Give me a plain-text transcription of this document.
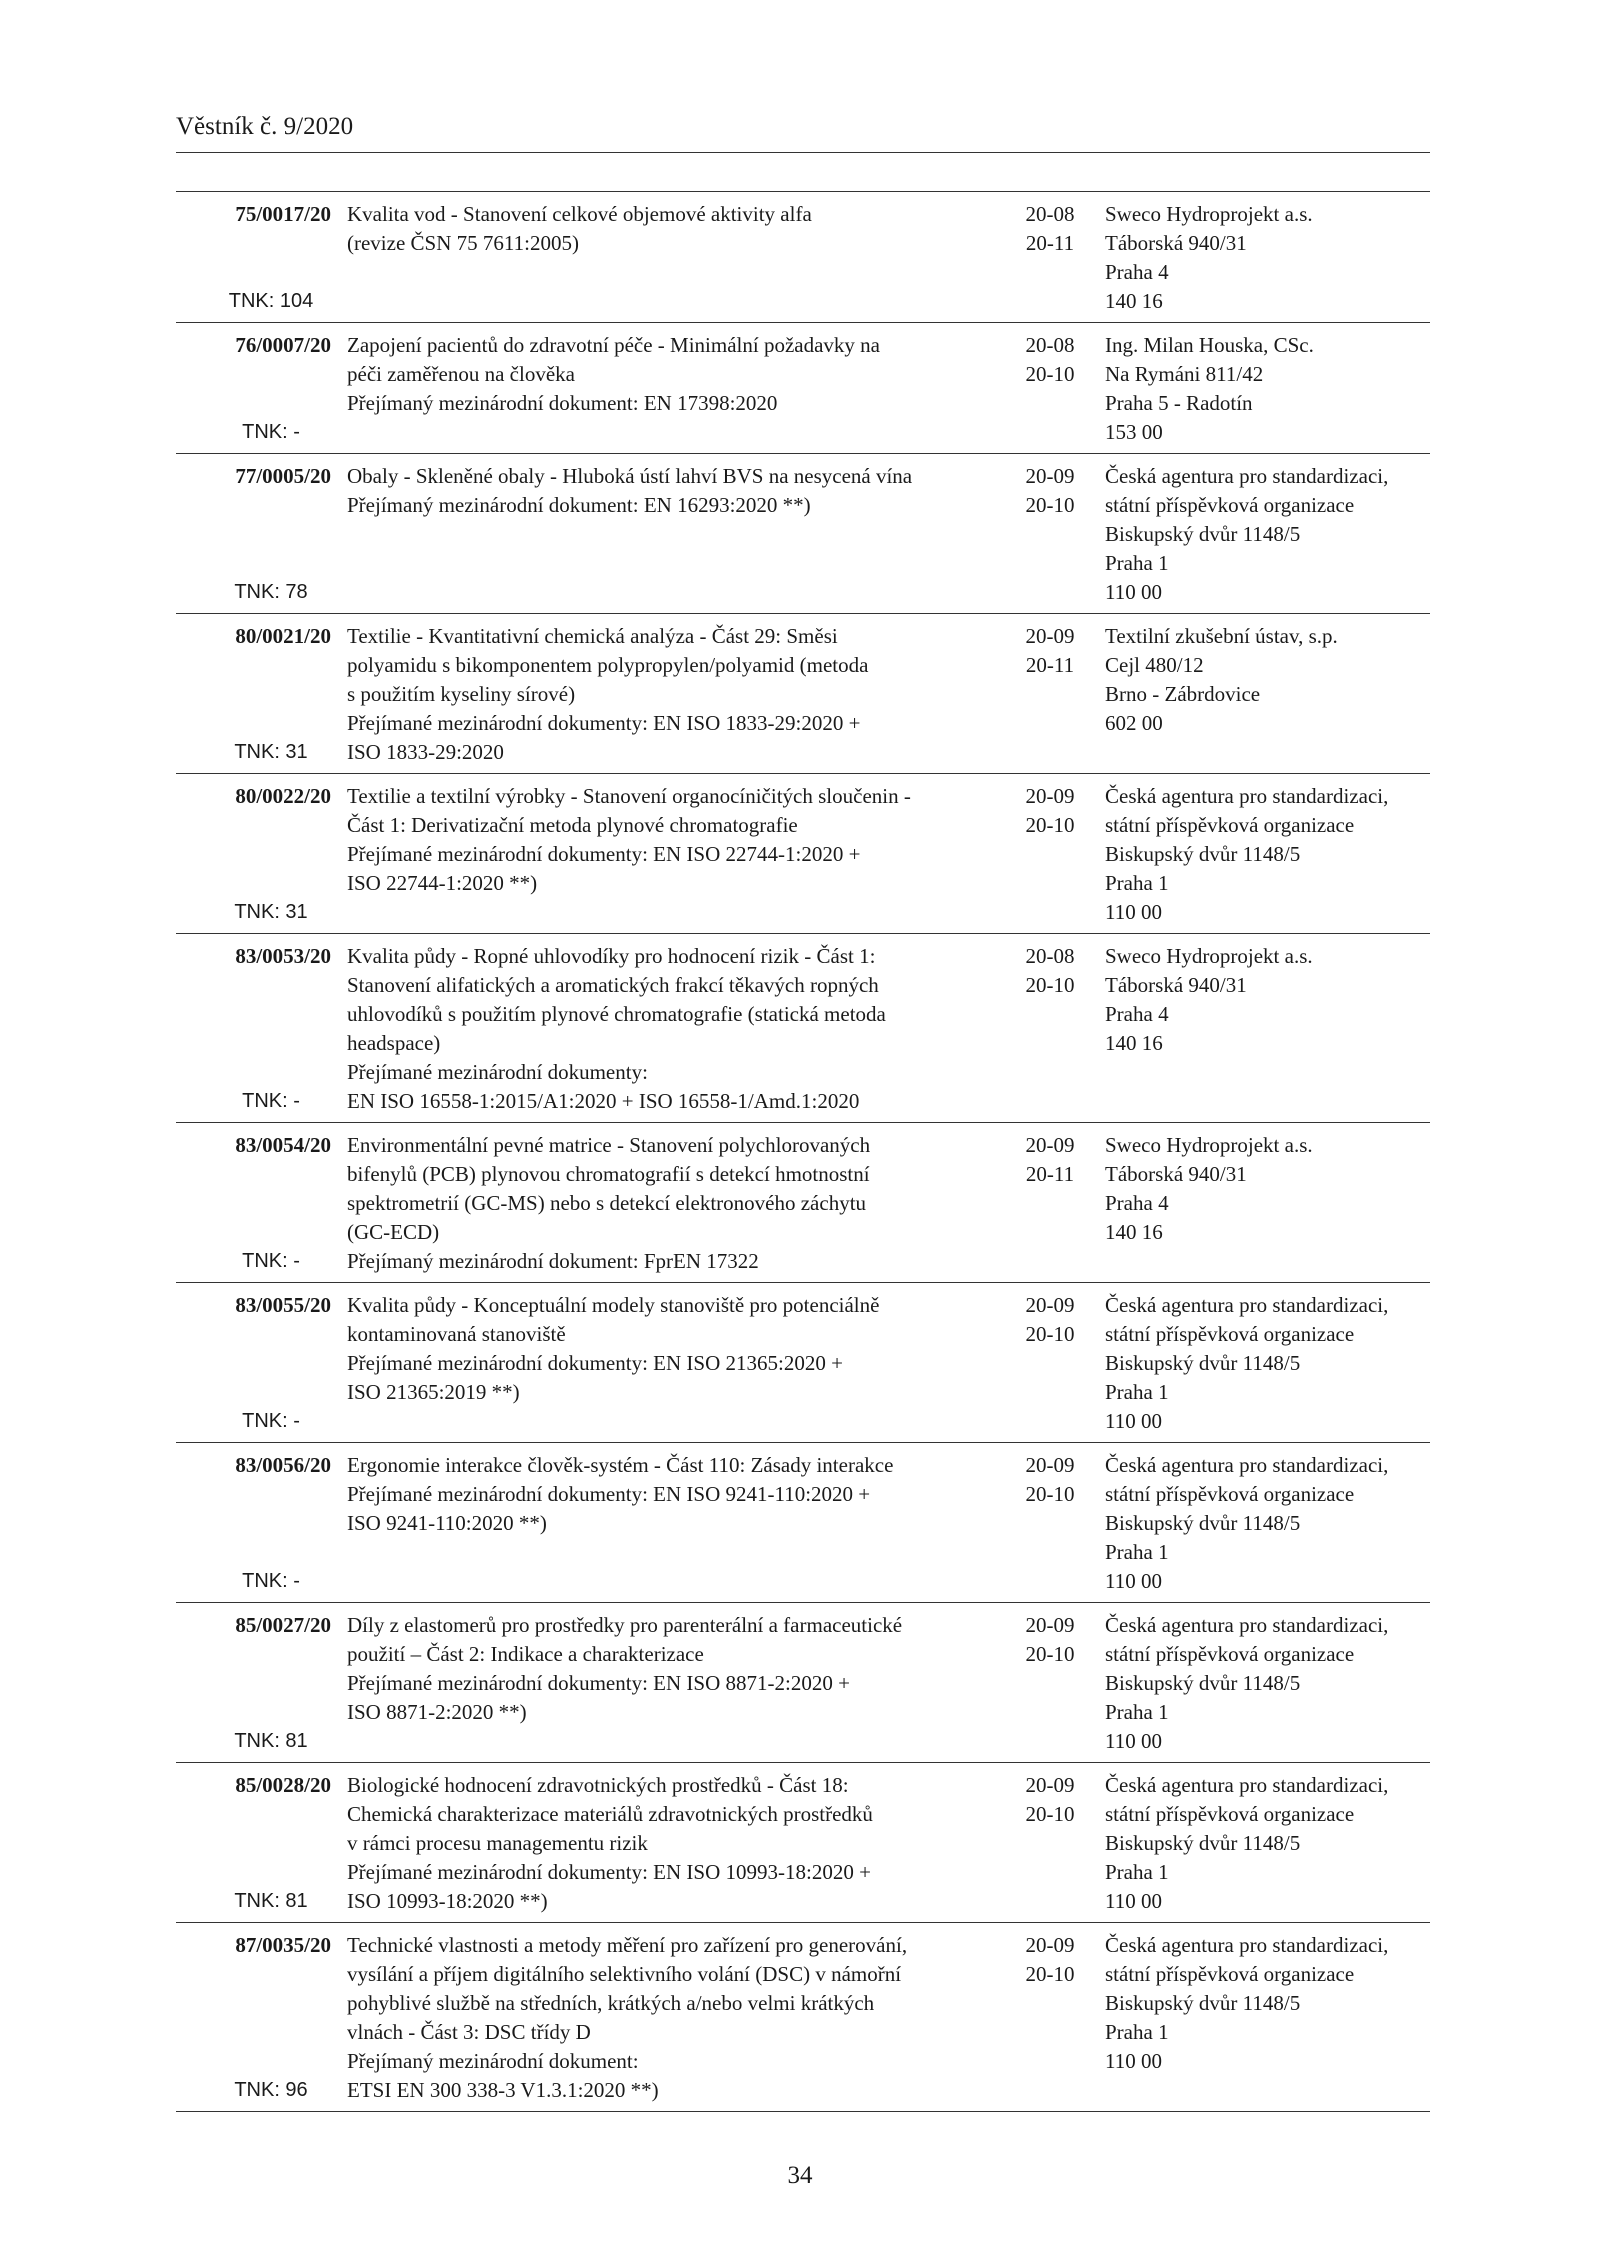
Věstník č. 9/2020
75/0017/20
TNK: 104
Kvalita vod - Stanovení celkové objemové aktivity alfa
(revize ČSN 75 7611:2005)
20-08
20-11
Sweco Hydroprojekt a.s.
Táborská 940/31
Praha 4
140 16
76/0007/20
TNK: -
Zapojení pacientů do zdravotní péče - Minimální požadavky na
péči zaměřenou na člověka
Přejímaný mezinárodní dokument: EN 17398:2020
20-08
20-10
Ing. Milan Houska, CSc.
Na Rymáni 811/42
Praha 5 - Radotín
153 00
77/0005/20
TNK: 78
Obaly - Skleněné obaly - Hluboká ústí lahví BVS na nesycená vína
Přejímaný mezinárodní dokument: EN 16293:2020 **)
20-09
20-10
Česká agentura pro standardizaci,
státní příspěvková organizace
Biskupský dvůr 1148/5
Praha 1
110 00
80/0021/20
TNK: 31
Textilie - Kvantitativní chemická analýza - Část 29: Směsi
polyamidu s bikomponentem polypropylen/polyamid (metoda
s použitím kyseliny sírové)
Přejímané mezinárodní dokumenty: EN ISO 1833-29:2020 +
ISO 1833-29:2020
20-09
20-11
Textilní zkušební ústav, s.p.
Cejl 480/12
Brno - Zábrdovice
602 00
80/0022/20
TNK: 31
Textilie a textilní výrobky - Stanovení organocíničitých sloučenin -
Část 1: Derivatizační metoda plynové chromatografie
Přejímané mezinárodní dokumenty: EN ISO 22744-1:2020 +
ISO 22744-1:2020 **)
20-09
20-10
Česká agentura pro standardizaci,
státní příspěvková organizace
Biskupský dvůr 1148/5
Praha 1
110 00
83/0053/20
TNK: -
Kvalita půdy - Ropné uhlovodíky pro hodnocení rizik - Část 1:
Stanovení alifatických a aromatických frakcí těkavých ropných
uhlovodíků s použitím plynové chromatografie (statická metoda
headspace)
Přejímané mezinárodní dokumenty:
EN ISO 16558-1:2015/A1:2020 + ISO 16558-1/Amd.1:2020
20-08
20-10
Sweco Hydroprojekt a.s.
Táborská 940/31
Praha 4
140 16
83/0054/20
TNK: -
Environmentální pevné matrice - Stanovení polychlorovaných
bifenylů (PCB) plynovou chromatografií s detekcí hmotnostní
spektrometrií (GC-MS) nebo s detekcí elektronového záchytu
(GC-ECD)
Přejímaný mezinárodní dokument: FprEN 17322
20-09
20-11
Sweco Hydroprojekt a.s.
Táborská 940/31
Praha 4
140 16
83/0055/20
TNK: -
Kvalita půdy - Konceptuální modely stanoviště pro potenciálně
kontaminovaná stanoviště
Přejímané mezinárodní dokumenty: EN ISO 21365:2020 +
ISO 21365:2019 **)
20-09
20-10
Česká agentura pro standardizaci,
státní příspěvková organizace
Biskupský dvůr 1148/5
Praha 1
110 00
83/0056/20
TNK: -
Ergonomie interakce člověk-systém - Část 110: Zásady interakce
Přejímané mezinárodní dokumenty: EN ISO 9241-110:2020 +
ISO 9241-110:2020 **)
20-09
20-10
Česká agentura pro standardizaci,
státní příspěvková organizace
Biskupský dvůr 1148/5
Praha 1
110 00
85/0027/20
TNK: 81
Díly z elastomerů pro prostředky pro parenterální a farmaceutické
použití – Část 2: Indikace a charakterizace
Přejímané mezinárodní dokumenty: EN ISO 8871-2:2020 +
ISO 8871-2:2020 **)
20-09
20-10
Česká agentura pro standardizaci,
státní příspěvková organizace
Biskupský dvůr 1148/5
Praha 1
110 00
85/0028/20
TNK: 81
Biologické hodnocení zdravotnických prostředků - Část 18:
Chemická charakterizace materiálů zdravotnických prostředků
v rámci procesu managementu rizik
Přejímané mezinárodní dokumenty: EN ISO 10993-18:2020 +
ISO 10993-18:2020 **)
20-09
20-10
Česká agentura pro standardizaci,
státní příspěvková organizace
Biskupský dvůr 1148/5
Praha 1
110 00
87/0035/20
TNK: 96
Technické vlastnosti a metody měření pro zařízení pro generování,
vysílání a příjem digitálního selektivního volání (DSC) v námořní
pohyblivé službě na středních, krátkých a/nebo velmi krátkých
vlnách - Část 3: DSC třídy D
Přejímaný mezinárodní dokument:
ETSI EN 300 338-3 V1.3.1:2020 **)
20-09
20-10
Česká agentura pro standardizaci,
státní příspěvková organizace
Biskupský dvůr 1148/5
Praha 1
110 00
34
